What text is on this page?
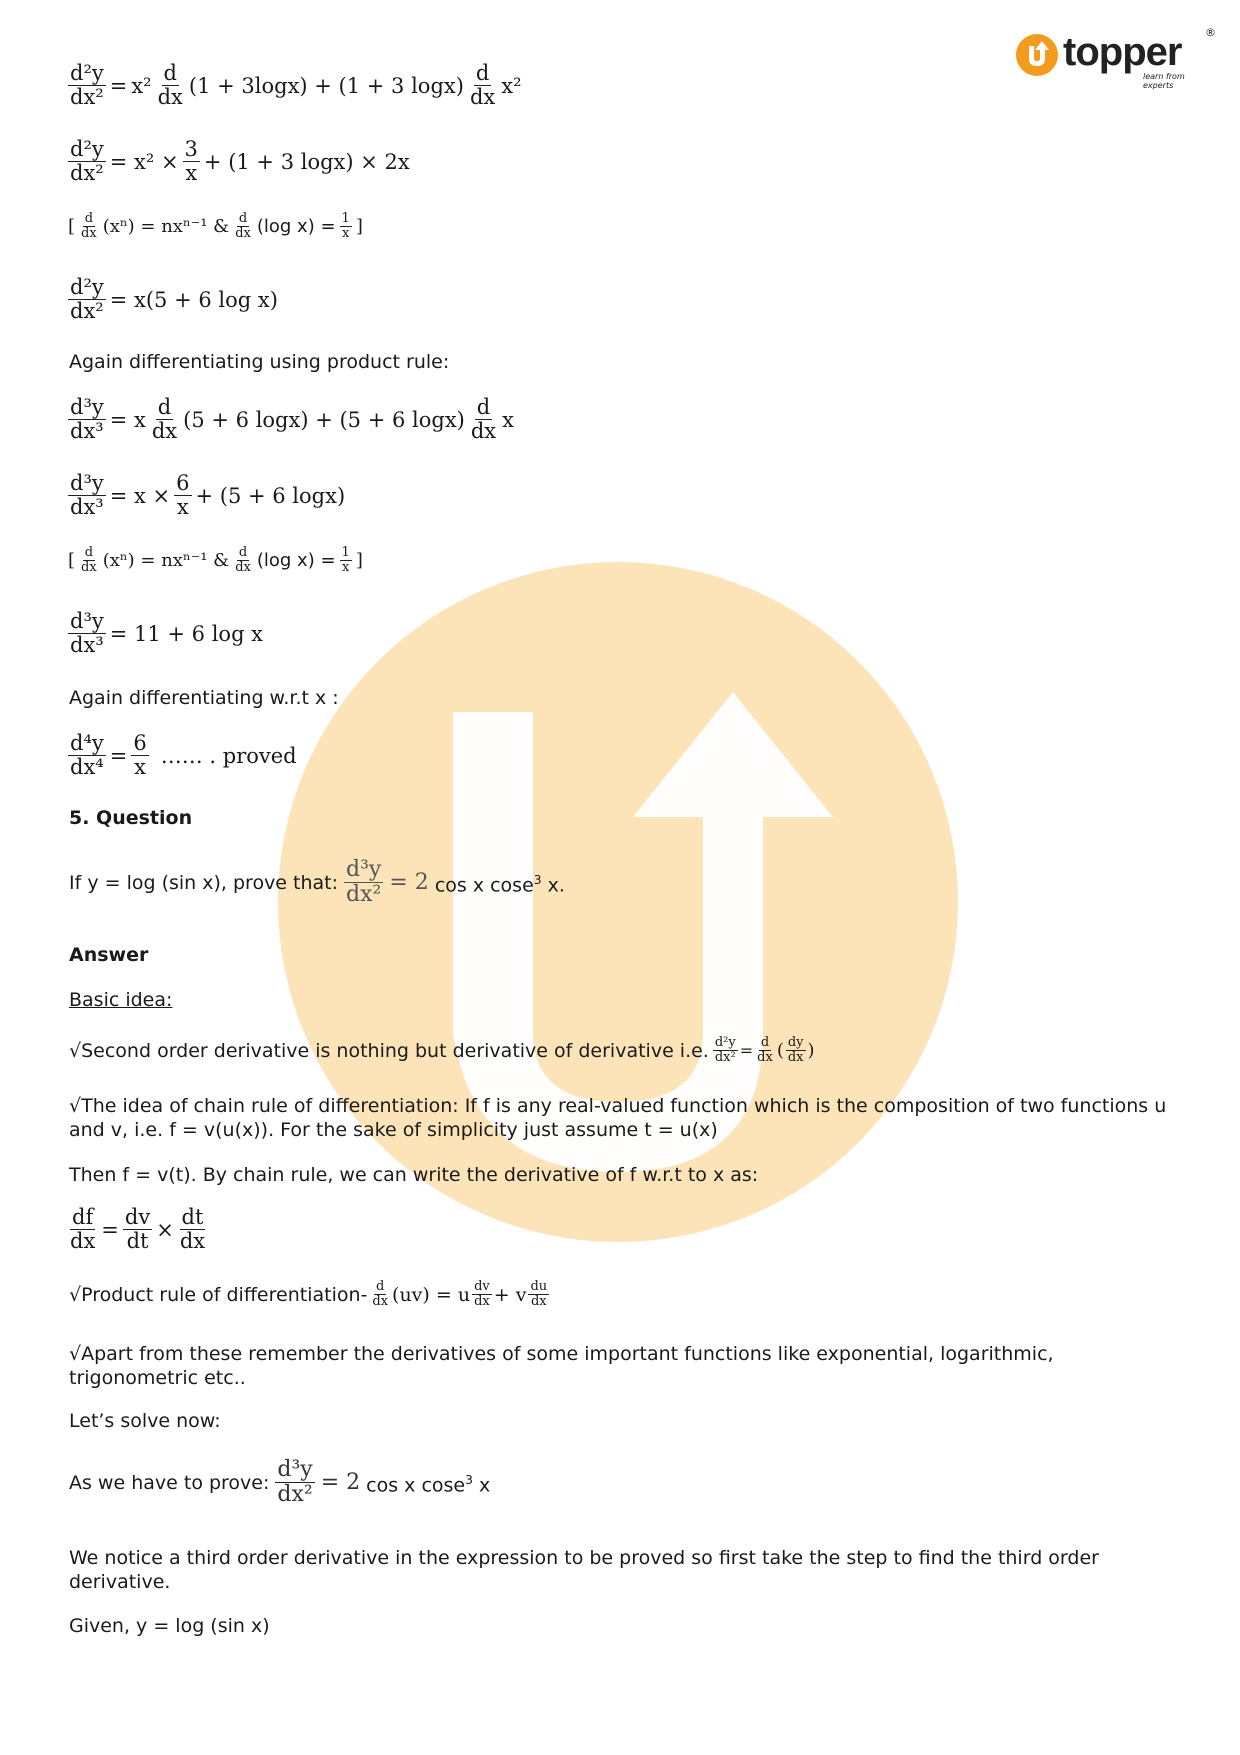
topper ®
learn from experts
$\frac{\text{d²y}}{\text{dx²}} = x^2 \frac{d}{dx} (1 + 3\log x) + (1 + 3$ $\log x) \frac{d}{dx} x^2$
$\frac{\text{d²y}}{\text{dx²}} = x^2 \times \frac{3}{x} + (1 + 3$ logx) × 2x
[ $\frac{d}{dx} (x^n) = nx^{n-1}$ & $\frac{d}{dx} (\log$ $x) = \frac{1}{x}$ ]
$\frac{\text{d²y}}{\text{dx²}} = x(5 + 6$ log x)
Again differentiating using product rule:
$\frac{\text{d³y}}{\text{dx³}} = x \frac{d}{dx} (5 + 6$ logx) + (5 + 6 $\log x) \frac{d}{dx}$ x
$\frac{\text{d³y}}{\text{dx³}} = x \times \frac{6}{x} + (5 + 6$ logx)
[ $\frac{d}{dx} (x^n) = nx^{n-1}$ & $\frac{d}{dx} (\log$ $x) = \frac{1}{x}$ ]
$\frac{\text{d³y}}{\text{dx³}} = 11 + 6$ log x
Again differentiating w.r.t x :
$\frac{\text{d⁴y}}{\text{dx⁴}} = \frac{6}{x}$ …… . proved
5. Question
If y = log (sin x), prove that: $\frac{\text{d³y}}{\text{dx²}} = 2$ cos x cose$^3$ x.
Answer
Basic idea:
√Second order derivative is nothing but derivative of derivative i.e. $\frac{\text{d²y}}{\text{dx²}} = \frac{d}{dx}$ ( $\frac{dy}{dx}$ )
√The idea of chain rule of differentiation: If f is any real-valued function which is the composition of two functions u and v, i.e. f = v(u(x)). For the sake of simplicity just assume t = u(x)
Then f = v(t). By chain rule, we can write the derivative of f w.r.t to x as:
$\frac{df}{dx} = \frac{dv}{dt} \times \frac{dt}{dx}$
√Product rule of differentiation- $\frac{d}{dx} (uv) = u \frac{dv}{dx} + v \frac{du}{dx}$
√Apart from these remember the derivatives of some important functions like exponential, logarithmic, trigonometric etc..
Let’s solve now:
As we have to prove: $\frac{\text{d³y}}{\text{dx²}} = 2$ cos x cose$^3$ x
We notice a third order derivative in the expression to be proved so first take the step to find the third order derivative.
Given, y = log (sin x)
